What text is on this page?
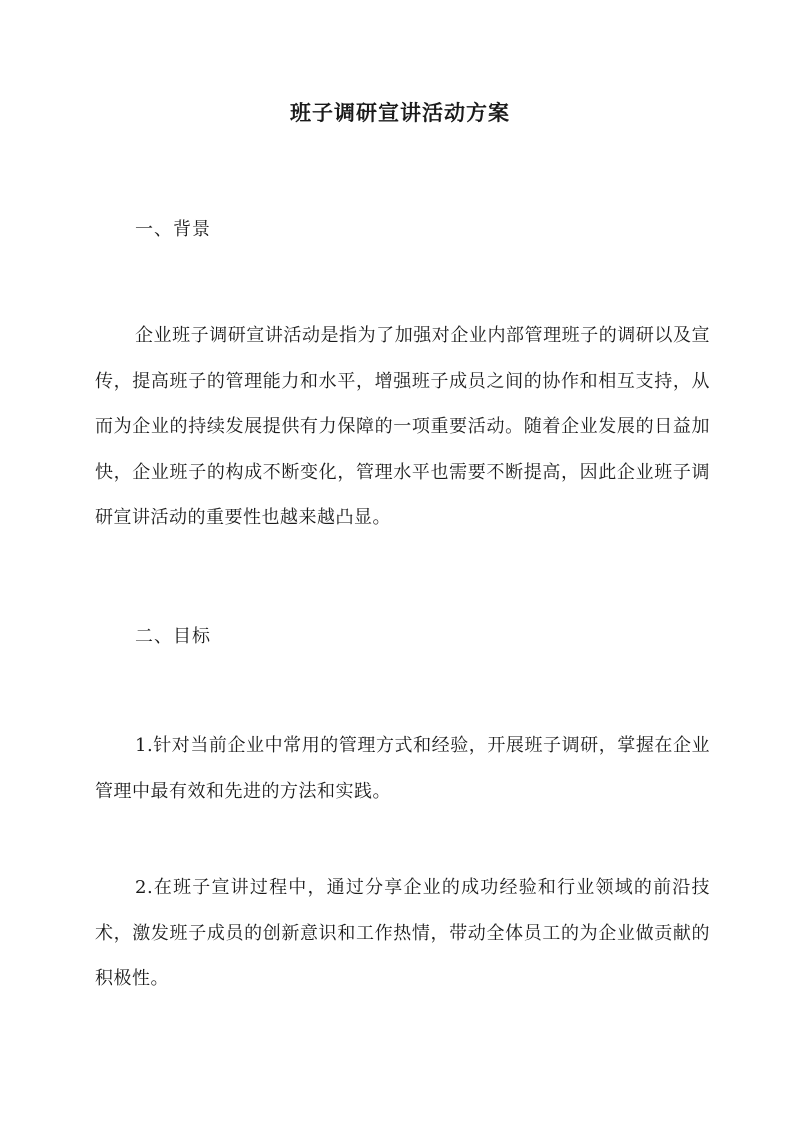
班子调研宣讲活动方案
一、背景

企业班子调研宣讲活动是指为了加强对企业内部管理班子的调研以及宣传，提高班子的管理能力和水平，增强班子成员之间的协作和相互支持，从而为企业的持续发展提供有力保障的一项重要活动。随着企业发展的日益加快，企业班子的构成不断变化，管理水平也需要不断提高，因此企业班子调研宣讲活动的重要性也越来越凸显。

二、目标

1.针对当前企业中常用的管理方式和经验，开展班子调研，掌握在企业管理中最有效和先进的方法和实践。

2.在班子宣讲过程中，通过分享企业的成功经验和行业领域的前沿技术，激发班子成员的创新意识和工作热情，带动全体员工的为企业做贡献的积极性。
